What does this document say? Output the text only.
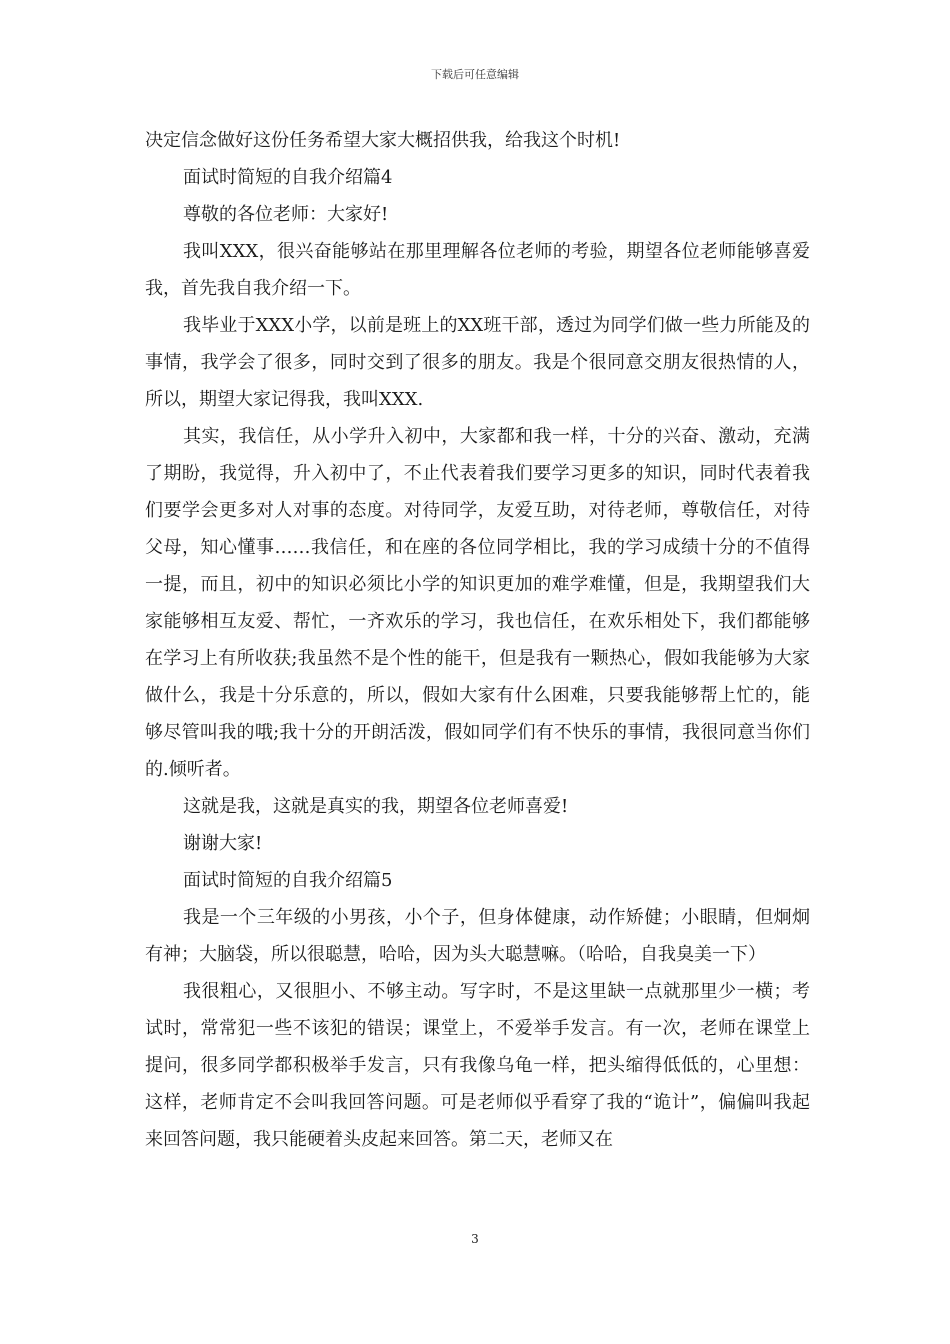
下载后可任意编辑

决定信念做好这份任务希望大家大概招供我，给我这个时机!

面试时简短的自我介绍篇4

尊敬的各位老师：大家好!

我叫XXX，很兴奋能够站在那里理解各位老师的考验，期望各位老师能够喜爱我，首先我自我介绍一下。

我毕业于XXX小学，以前是班上的XX班干部，透过为同学们做一些力所能及的事情，我学会了很多，同时交到了很多的朋友。我是个很同意交朋友很热情的人，所以，期望大家记得我，我叫XXX.

其实，我信任，从小学升入初中，大家都和我一样，十分的兴奋、激动，充满了期盼，我觉得，升入初中了，不止代表着我们要学习更多的知识，同时代表着我们要学会更多对人对事的态度。对待同学，友爱互助，对待老师，尊敬信任，对待父母，知心懂事……我信任，和在座的各位同学相比，我的学习成绩十分的不值得一提，而且，初中的知识必须比小学的知识更加的难学难懂，但是，我期望我们大家能够相互友爱、帮忙，一齐欢乐的学习，我也信任，在欢乐相处下，我们都能够在学习上有所收获;我虽然不是个性的能干，但是我有一颗热心，假如我能够为大家做什么，我是十分乐意的，所以，假如大家有什么困难，只要我能够帮上忙的，能够尽管叫我的哦;我十分的开朗活泼，假如同学们有不快乐的事情，我很同意当你们的.倾听者。

这就是我，这就是真实的我，期望各位老师喜爱!

谢谢大家!

面试时简短的自我介绍篇5

我是一个三年级的小男孩，小个子，但身体健康，动作矫健；小眼睛，但炯炯有神；大脑袋，所以很聪慧，哈哈，因为头大聪慧嘛。（哈哈，自我臭美一下）

我很粗心，又很胆小、不够主动。写字时，不是这里缺一点就那里少一横；考试时，常常犯一些不该犯的错误；课堂上，不爱举手发言。有一次，老师在课堂上提问，很多同学都积极举手发言，只有我像乌龟一样，把头缩得低低的，心里想：这样，老师肯定不会叫我回答问题。可是老师似乎看穿了我的“诡计”，偏偏叫我起来回答问题，我只能硬着头皮起来回答。第二天，老师又在

3
